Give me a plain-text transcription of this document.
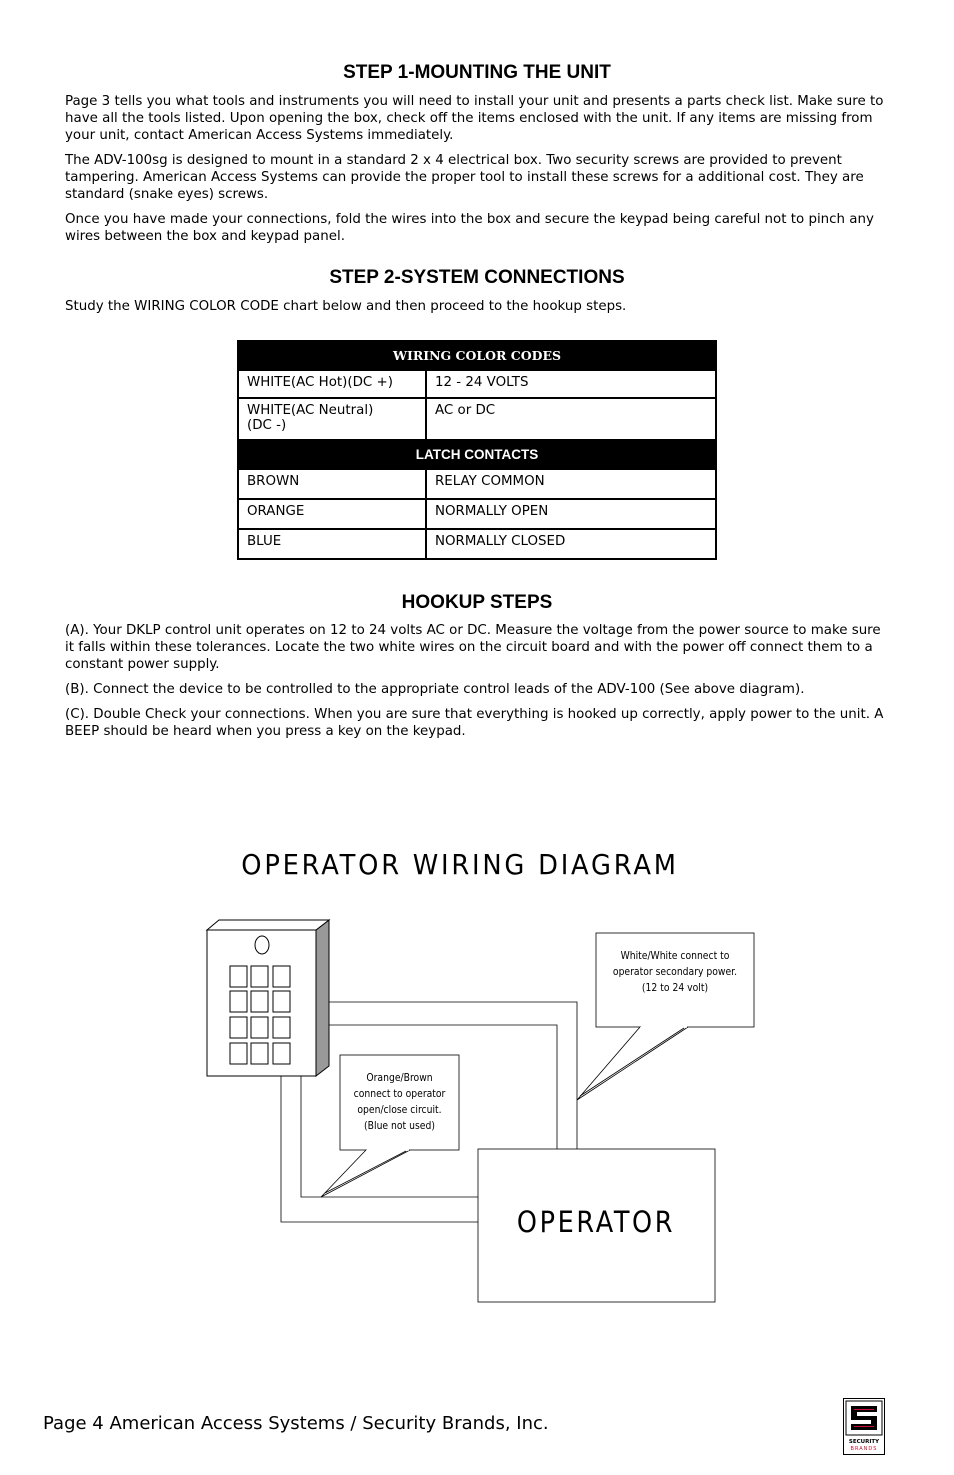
STEP 1-MOUNTING THE UNIT

Page 3 tells you what tools and instruments you will need to install your unit and presents a parts check list. Make sure to have all the tools listed. Upon opening the box, check off the items enclosed with the unit. If any items are missing from your unit, contact American Access Systems immediately.

The ADV-100sg is designed to mount in a standard 2 x 4 electrical box. Two security screws are provided to prevent tampering. American Access Systems can provide the proper tool to install these screws for a additional cost. They are standard (snake eyes) screws.

Once you have made your connections, fold the wires into the box and secure the keypad being careful not to pinch any wires between the box and keypad panel.

STEP 2-SYSTEM CONNECTIONS

Study the WIRING COLOR CODE chart below and then proceed to the hookup steps.

WIRING COLOR CODES	
WHITE(AC Hot)(DC +)	12 - 24 VOLTS
WHITE(AC Neutral)
(DC -)	AC or DC
LATCH CONTACTS	
BROWN	RELAY COMMON
ORANGE	NORMALLY OPEN
BLUE	NORMALLY CLOSED
HOOKUP STEPS

(A). Your DKLP control unit operates on 12 to 24 volts AC or DC. Measure the voltage from the power source to make sure it falls within these tolerances. Locate the two white wires on the circuit board and with the power off connect them to a constant power supply.

(B). Connect the device to be controlled to the appropriate control leads of the ADV-100 (See above diagram).

(C). Double Check your connections. When you are sure that everything is hooked up correctly, apply power to the unit. A BEEP should be heard when you press a key on the keypad.

OPERATOR WIRING DIAGRAM
White/White connect to
operator secondary power.
(12 to 24 volt)
Orange/Brown
connect to operator
open/close circuit.
(Blue not used)
OPERATOR
Page 4 American Access Systems / Security Brands, Inc.
SECURITY
BRANDS
